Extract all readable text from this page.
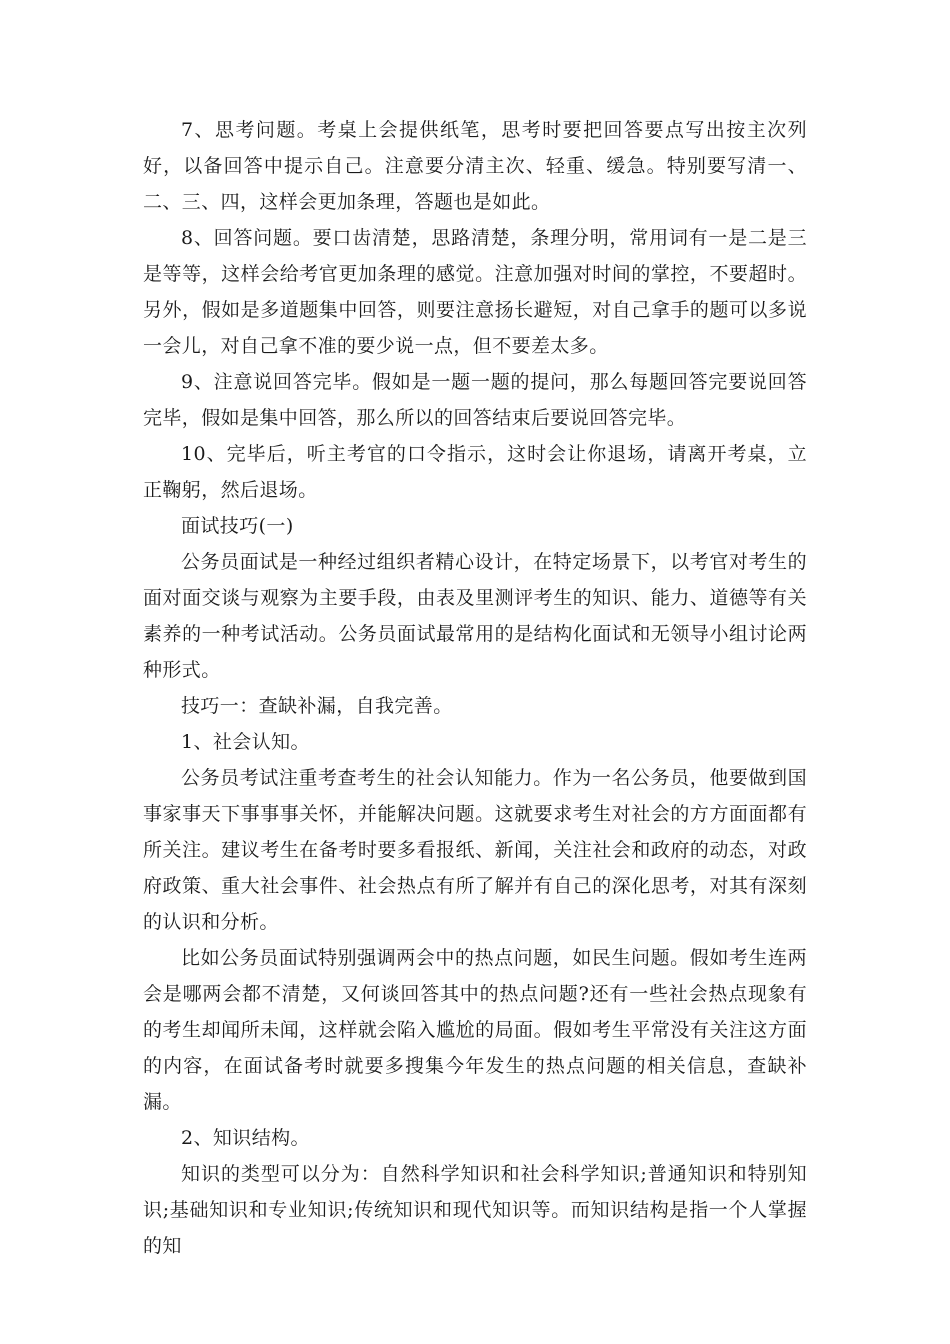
7、思考问题。考桌上会提供纸笔，思考时要把回答要点写出按主次列好，以备回答中提示自己。注意要分清主次、轻重、缓急。特别要写清一、二、三、四，这样会更加条理，答题也是如此。

8、回答问题。要口齿清楚，思路清楚，条理分明，常用词有一是二是三是等等，这样会给考官更加条理的感觉。注意加强对时间的掌控，不要超时。另外，假如是多道题集中回答，则要注意扬长避短，对自己拿手的题可以多说一会儿，对自己拿不准的要少说一点，但不要差太多。

9、注意说回答完毕。假如是一题一题的提问，那么每题回答完要说回答完毕，假如是集中回答，那么所以的回答结束后要说回答完毕。

10、完毕后，听主考官的口令指示，这时会让你退场，请离开考桌，立正鞠躬，然后退场。

面试技巧(一)

公务员面试是一种经过组织者精心设计，在特定场景下，以考官对考生的面对面交谈与观察为主要手段，由表及里测评考生的知识、能力、道德等有关素养的一种考试活动。公务员面试最常用的是结构化面试和无领导小组讨论两种形式。

技巧一：查缺补漏，自我完善。

1、社会认知。

公务员考试注重考查考生的社会认知能力。作为一名公务员，他要做到国事家事天下事事事关怀，并能解决问题。这就要求考生对社会的方方面面都有所关注。建议考生在备考时要多看报纸、新闻，关注社会和政府的动态，对政府政策、重大社会事件、社会热点有所了解并有自己的深化思考，对其有深刻的认识和分析。

比如公务员面试特别强调两会中的热点问题，如民生问题。假如考生连两会是哪两会都不清楚，又何谈回答其中的热点问题?还有一些社会热点现象有的考生却闻所未闻，这样就会陷入尴尬的局面。假如考生平常没有关注这方面的内容，在面试备考时就要多搜集今年发生的热点问题的相关信息，查缺补漏。

2、知识结构。

知识的类型可以分为：自然科学知识和社会科学知识;普通知识和特别知识;基础知识和专业知识;传统知识和现代知识等。而知识结构是指一个人掌握的知
